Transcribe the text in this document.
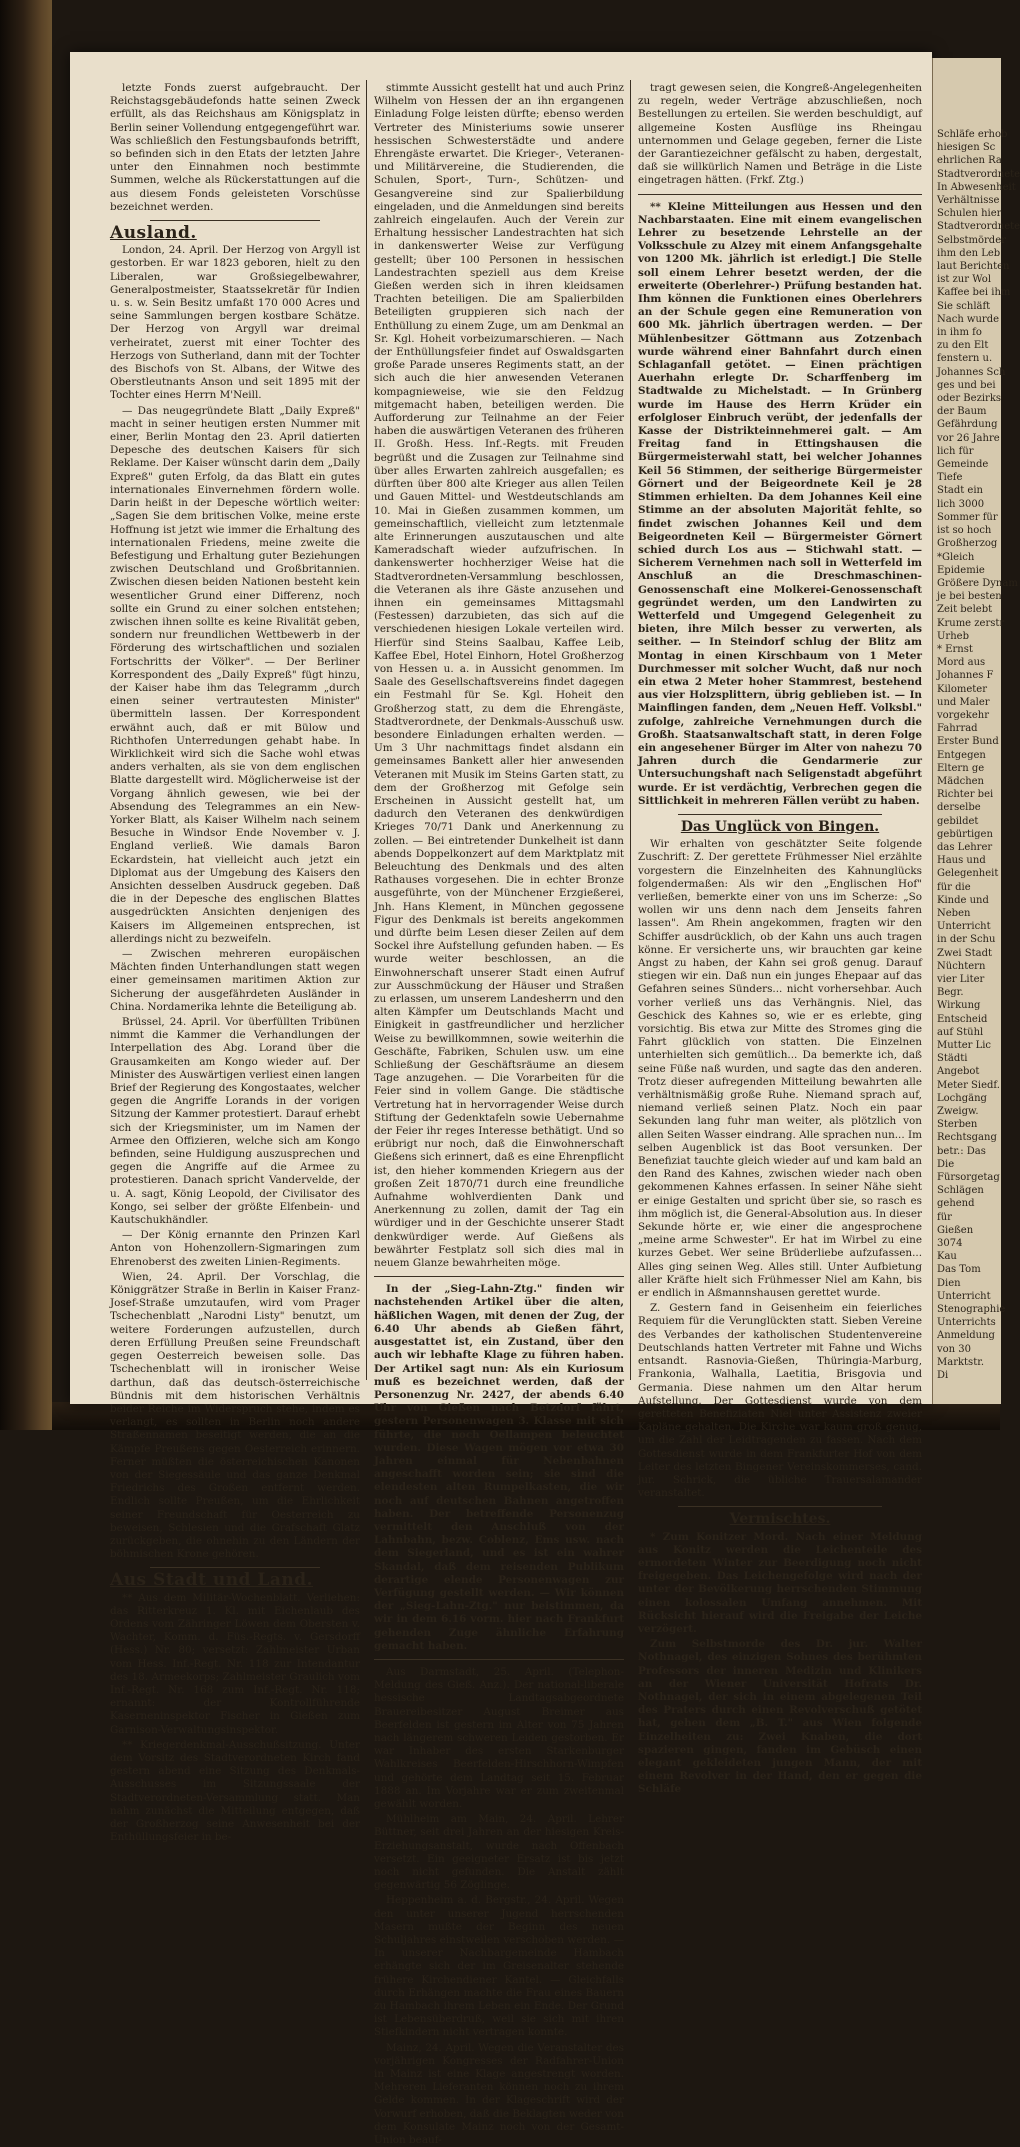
letzte Fonds zuerst aufgebraucht. Der Reichstagsgebäudefonds hatte seinen Zweck erfüllt, als das Reichshaus am Königsplatz in Berlin seiner Vollendung entgegengeführt war. Was schließlich den Festungsbaufonds betrifft, so befinden sich in den Etats der letzten Jahre unter den Einnahmen noch bestimmte Summen, welche als Rückerstattungen auf die aus diesem Fonds geleisteten Vorschüsse bezeichnet werden.

Ausland.

London, 24. April. Der Herzog von Argyll ist gestorben. Er war 1823 geboren, hielt zu den Liberalen, war Großsiegelbewahrer, Generalpostmeister, Staatssekretär für Indien u. s. w. Sein Besitz umfaßt 170 000 Acres und seine Sammlungen bergen kostbare Schätze. Der Herzog von Argyll war dreimal verheiratet, zuerst mit einer Tochter des Herzogs von Sutherland, dann mit der Tochter des Bischofs von St. Albans, der Witwe des Oberstleutnants Anson und seit 1895 mit der Tochter eines Herrn M'Neill.

— Das neugegründete Blatt „Daily Expreß" macht in seiner heutigen ersten Nummer mit einer, Berlin Montag den 23. April datierten Depesche des deutschen Kaisers für sich Reklame. Der Kaiser wünscht darin dem „Daily Expreß" guten Erfolg, da das Blatt ein gutes internationales Einvernehmen fördern wolle. Darin heißt in der Depesche wörtlich weiter: „Sagen Sie dem britischen Volke, meine erste Hoffnung ist jetzt wie immer die Erhaltung des internationalen Friedens, meine zweite die Befestigung und Erhaltung guter Beziehungen zwischen Deutschland und Großbritannien. Zwischen diesen beiden Nationen besteht kein wesentlicher Grund einer Differenz, noch sollte ein Grund zu einer solchen entstehen; zwischen ihnen sollte es keine Rivalität geben, sondern nur freundlichen Wettbewerb in der Förderung des wirtschaftlichen und sozialen Fortschritts der Völker". — Der Berliner Korrespondent des „Daily Expreß" fügt hinzu, der Kaiser habe ihm das Telegramm „durch einen seiner vertrautesten Minister" übermitteln lassen. Der Korrespondent erwähnt auch, daß er mit Bülow und Richthofen Unterredungen gehabt habe. In Wirklichkeit wird sich die Sache wohl etwas anders verhalten, als sie von dem englischen Blatte dargestellt wird. Möglicherweise ist der Vorgang ähnlich gewesen, wie bei der Absendung des Telegrammes an ein New-Yorker Blatt, als Kaiser Wilhelm nach seinem Besuche in Windsor Ende November v. J. England verließ. Wie damals Baron Eckardstein, hat vielleicht auch jetzt ein Diplomat aus der Umgebung des Kaisers den Ansichten desselben Ausdruck gegeben. Daß die in der Depesche des englischen Blattes ausgedrückten Ansichten denjenigen des Kaisers im Allgemeinen entsprechen, ist allerdings nicht zu bezweifeln.

— Zwischen mehreren europäischen Mächten finden Unterhandlungen statt wegen einer gemeinsamen maritimen Aktion zur Sicherung der ausgefährdeten Ausländer in China. Nordamerika lehnte die Beteiligung ab.

Brüssel, 24. April. Vor überfüllten Tribünen nimmt die Kammer die Verhandlungen der Interpellation des Abg. Lorand über die Grausamkeiten am Kongo wieder auf. Der Minister des Auswärtigen verliest einen langen Brief der Regierung des Kongostaates, welcher gegen die Angriffe Lorands in der vorigen Sitzung der Kammer protestiert. Darauf erhebt sich der Kriegsminister, um im Namen der Armee den Offizieren, welche sich am Kongo befinden, seine Huldigung auszusprechen und gegen die Angriffe auf die Armee zu protestieren. Danach spricht Vandervelde, der u. A. sagt, König Leopold, der Civilisator des Kongo, sei selber der größte Elfenbein- und Kautschukhändler.

— Der König ernannte den Prinzen Karl Anton von Hohenzollern-Sigmaringen zum Ehrenoberst des zweiten Linien-Regiments.

Wien, 24. April. Der Vorschlag, die Königgrätzer Straße in Berlin in Kaiser Franz-Josef-Straße umzutaufen, wird vom Prager Tschechenblatt „Narodni Listy" benutzt, um weitere Forderungen aufzustellen, durch deren Erfüllung Preußen seine Freundschaft gegen Oesterreich beweisen solle. Das Tschechenblatt will in ironischer Weise darthun, daß das deutsch-österreichische Bündnis mit dem historischen Verhältnis beider Reiche im Widerspruch stehe, indem es verlangt, es sollten in Berlin noch andere Straßennamen beseitigt werden, die an die Kämpfe Preußens gegen Oesterreich erinnern. Ferner müßten die österreichischen Kanonen von der Siegessäule und das ganze Denkmal Friedrichs des Großen entfernt werden. Endlich sollte Preußen, um die Ehrlichkeit seiner Freundschaft für Oesterreich zu beweisen, Schlesien und die Grafschaft Glatz zurückgeben, die ohnehin zu den Ländern der böhmischen Krone gehören.

Aus Stadt und Land.

** Aus dem Militär-Wochenblatt. Verliehen: das Ritterkreuz 1. Kl. mit Eichenlaub des Ordens vom Zähringer Löwen dem Obersten v. Wachter, Komm. d. Füs.-Regts. v. Gersdorff (Hess.) Nr. 80; versetzt: Zahlmeister Urban vom Hess. Inf.-Regt. Nr. 118 zur Intendantur des 18. Armeekorps; Zahlmeister Graulich vom Inf.-Regt. Nr. 168 zum Inf.-Regt. Nr. 118; ernannt: der Kontrollführende Kaserneninspektor Fischer in Gießen zum Garnison-Verwaltungsinspektor.

** Kriegerdenkmal-Ausschußsitzung. Unter dem Vorsitz des Stadtverordneten Kirch fand gestern abend eine Sitzung des Denkmals-Ausschusses im Sitzungssaale der Stadtverordneten-Versammlung statt. Man nahm zunächst die Mitteilung entgegen, daß der Großherzog seine Anwesenheit bei der Enthüllungsfeier in be-

stimmte Aussicht gestellt hat und auch Prinz Wilhelm von Hessen der an ihn ergangenen Einladung Folge leisten dürfte; ebenso werden Vertreter des Ministeriums sowie unserer hessischen Schwesterstädte und andere Ehrengäste erwartet. Die Krieger-, Veteranen- und Militärvereine, die Studierenden, die Schulen, Sport-, Turn-, Schützen- und Gesangvereine sind zur Spalierbildung eingeladen, und die Anmeldungen sind bereits zahlreich eingelaufen. Auch der Verein zur Erhaltung hessischer Landestrachten hat sich in dankenswerter Weise zur Verfügung gestellt; über 100 Personen in hessischen Landestrachten speziell aus dem Kreise Gießen werden sich in ihren kleidsamen Trachten beteiligen. Die am Spalierbilden Beteiligten gruppieren sich nach der Enthüllung zu einem Zuge, um am Denkmal an Sr. Kgl. Hoheit vorbeizumarschieren. — Nach der Enthüllungsfeier findet auf Oswaldsgarten große Parade unseres Regiments statt, an der sich auch die hier anwesenden Veteranen kompagnieweise, wie sie den Feldzug mitgemacht haben, beteiligen werden. Die Aufforderung zur Teilnahme an der Feier haben die auswärtigen Veteranen des früheren II. Großh. Hess. Inf.-Regts. mit Freuden begrüßt und die Zusagen zur Teilnahme sind über alles Erwarten zahlreich ausgefallen; es dürften über 800 alte Krieger aus allen Teilen und Gauen Mittel- und Westdeutschlands am 10. Mai in Gießen zusammen kommen, um gemeinschaftlich, vielleicht zum letztenmale alte Erinnerungen auszutauschen und alte Kameradschaft wieder aufzufrischen. In dankenswerter hochherziger Weise hat die Stadtverordneten-Versammlung beschlossen, die Veteranen als ihre Gäste anzusehen und ihnen ein gemeinsames Mittagsmahl (Festessen) darzubieten, das sich auf die verschiedenen hiesigen Lokale verteilen wird. Hierfür sind Steins Saalbau, Kaffee Leib, Kaffee Ebel, Hotel Einhorn, Hotel Großherzog von Hessen u. a. in Aussicht genommen. Im Saale des Gesellschaftsvereins findet dagegen ein Festmahl für Se. Kgl. Hoheit den Großherzog statt, zu dem die Ehrengäste, Stadtverordnete, der Denkmals-Ausschuß usw. besondere Einladungen erhalten werden. — Um 3 Uhr nachmittags findet alsdann ein gemeinsames Bankett aller hier anwesenden Veteranen mit Musik im Steins Garten statt, zu dem der Großherzog mit Gefolge sein Erscheinen in Aussicht gestellt hat, um dadurch den Veteranen des denkwürdigen Krieges 70/71 Dank und Anerkennung zu zollen. — Bei eintretender Dunkelheit ist dann abends Doppelkonzert auf dem Marktplatz mit Beleuchtung des Denkmals und des alten Rathauses vorgesehen. Die in echter Bronze ausgeführte, von der Münchener Erzgießerei, Jnh. Hans Klement, in München gegossene Figur des Denkmals ist bereits angekommen und dürfte beim Lesen dieser Zeilen auf dem Sockel ihre Aufstellung gefunden haben. — Es wurde weiter beschlossen, an die Einwohnerschaft unserer Stadt einen Aufruf zur Ausschmückung der Häuser und Straßen zu erlassen, um unserem Landesherrn und den alten Kämpfer um Deutschlands Macht und Einigkeit in gastfreundlicher und herzlicher Weise zu bewillkommnen, sowie weiterhin die Geschäfte, Fabriken, Schulen usw. um eine Schließung der Geschäftsräume an diesem Tage anzugehen. — Die Vorarbeiten für die Feier sind in vollem Gange. Die städtische Vertretung hat in hervorragender Weise durch Stiftung der Gedenktafeln sowie Uebernahme der Feier ihr reges Interesse bethätigt. Und so erübrigt nur noch, daß die Einwohnerschaft Gießens sich erinnert, daß es eine Ehrenpflicht ist, den hieher kommenden Kriegern aus der großen Zeit 1870/71 durch eine freundliche Aufnahme wohlverdienten Dank und Anerkennung zu zollen, damit der Tag ein würdiger und in der Geschichte unserer Stadt denkwürdiger werde. Auf Gießens als bewährter Festplatz soll sich dies mal in neuem Glanze bewahrheiten möge.

In der „Sieg-Lahn-Ztg." finden wir nachstehenden Artikel über die alten, häßlichen Wagen, mit denen der Zug, der 6.40 Uhr abends ab Gießen fährt, ausgestattet ist, ein Zustand, über den auch wir lebhafte Klage zu führen haben. Der Artikel sagt nun: Als ein Kuriosum muß es bezeichnet werden, daß der Personenzug Nr. 2427, der abends 6.40 Uhr von Gießen nach Betzdorf fährt, gestern Personenwagen 3. Klasse mit sich führte, die noch Oellampen beleuchtet wurden. Diese Wagen mögen vor etwa 30 Jahren einmal für Nebenbahnen angeschafft worden sein; sie sind die elendesten alten Rumpelkasten, die wir noch auf deutschen Bahnen angetroffen haben. Der betreffende Personenzug vermittelt den Anschluß von der Lahnbahn, bezw. Coblenz, Ems usw. nach dem Siegerland, und es ist ein wahrer Skandal, daß dem reisenden Publikum derartige elende Personenwagen zur Verfügung gestellt werden. — Wir können der „Sieg-Lahn-Ztg." nur beistimmen, da wir in dem 6.16 vorm. hier nach Frankfurt gehenden Zuge ähnliche Erfahrung gemacht haben.

Aus Darmstadt, 25. April. (Telephon-Meldung des Gieß. Anz.). Der national-liberale hessische Landtagsabgeordnete Brauereibesitzer August Breimer aus Beerfelden ist gestern im Alter von 75 Jahren nach längerem schweren Leiden gestorben. Er war Inhaber des ersten Starkenburger Wahlkreises Beerfelden-Hirschhorn-Wimpfen und gehörte dem Landtag seit 15. Februar 1888 an. Im Vorjahre war er zum zweitenmal gewählt worden.

Mühlheim am Main, 24. April. Lehrer Büttner, seit drei Jahren an der hiesigen Kreis-Erziehungsanstalt, wurde nach Offenbach versetzt. Ein geeigneter Ersatz ist bis jetzt noch nicht gefunden. Die Anstalt zählt gegenwärtig 56 Zöglinge.

Heppenheim a. d. Bergstr., 24. April. Wegen den unter unserer Jugend herrschenden Masern mußte der Beginn des neuen Schuljahres einstweilen verschoben werden. — In unserer Nachbargemeinde Hambach erhängte sich der im Greisenalter stehende frühere Kirchendiener Kantel. — Gleichfalls durch Erhängen machte die Frau eines Bauern zu Hambach ihrem Leben ein Ende. Der Grund ist Lebensüberdruß, weil sie sich mit ihren Stiefkindern nicht vertragen konnte.

Mainz, 24. April. Wegen die Veranstalter des vorjährigen Kongresses der Radfahrer-Union in Mainz ist eine Klage angestrengt worden. Mehreren Lieferanten können noch zu ihrem Gelde kommen. In der Klageschrift wird der Vorwurf erhoben, daß die Beklagten weder von dem Konsulate Mainz noch von der Gesamt-Union beauf-

tragt gewesen seien, die Kongreß-Angelegenheiten zu regeln, weder Verträge abzuschließen, noch Bestellungen zu erteilen. Sie werden beschuldigt, auf allgemeine Kosten Ausflüge ins Rheingau unternommen und Gelage gegeben, ferner die Liste der Garantiezeichner gefälscht zu haben, dergestalt, daß sie willkürlich Namen und Beträge in die Liste eingetragen hätten. (Frkf. Ztg.)

** Kleine Mitteilungen aus Hessen und den Nachbarstaaten. Eine mit einem evangelischen Lehrer zu besetzende Lehrstelle an der Volksschule zu Alzey mit einem Anfangsgehalte von 1200 Mk. jährlich ist erledigt.] Die Stelle soll einem Lehrer besetzt werden, der die erweiterte (Oberlehrer-) Prüfung bestanden hat. Ihm können die Funktionen eines Oberlehrers an der Schule gegen eine Remuneration von 600 Mk. jährlich übertragen werden. — Der Mühlenbesitzer Göttmann aus Zotzenbach wurde während einer Bahnfahrt durch einen Schlaganfall getötet. — Einen prächtigen Auerhahn erlegte Dr. Scharffenberg im Stadtwalde zu Michelstadt. — In Grünberg wurde im Hause des Herrn Krüder ein erfolgloser Einbruch verübt, der jedenfalls der Kasse der Distrikteinnehmerei galt. — Am Freitag fand in Ettingshausen die Bürgermeisterwahl statt, bei welcher Johannes Keil 56 Stimmen, der seitherige Bürgermeister Görnert und der Beigeordnete Keil je 28 Stimmen erhielten. Da dem Johannes Keil eine Stimme an der absoluten Majorität fehlte, so findet zwischen Johannes Keil und dem Beigeordneten Keil — Bürgermeister Görnert schied durch Los aus — Stichwahl statt. — Sicherem Vernehmen nach soll in Wetterfeld im Anschluß an die Dreschmaschinen-Genossenschaft eine Molkerei-Genossenschaft gegründet werden, um den Landwirten zu Wetterfeld und Umgegend Gelegenheit zu bieten, ihre Milch besser zu verwerten, als seither. — In Steindorf schlug der Blitz am Montag in einen Kirschbaum von 1 Meter Durchmesser mit solcher Wucht, daß nur noch ein etwa 2 Meter hoher Stammrest, bestehend aus vier Holzsplittern, übrig geblieben ist. — In Mainflingen fanden, dem „Neuen Heff. Volksbl." zufolge, zahlreiche Vernehmungen durch die Großh. Staatsanwaltschaft statt, in deren Folge ein angesehener Bürger im Alter von nahezu 70 Jahren durch die Gendarmerie zur Untersuchungshaft nach Seligenstadt abgeführt wurde. Er ist verdächtig, Verbrechen gegen die Sittlichkeit in mehreren Fällen verübt zu haben.

Das Unglück von Bingen.

Wir erhalten von geschätzter Seite folgende Zuschrift: Z. Der gerettete Frühmesser Niel erzählte vorgestern die Einzelnheiten des Kahnunglücks folgendermaßen: Als wir den „Englischen Hof" verließen, bemerkte einer von uns im Scherze: „So wollen wir uns denn nach dem Jenseits fahren lassen". Am Rhein angekommen, fragten wir den Schiffer ausdrücklich, ob der Kahn uns auch tragen könne. Er versicherte uns, wir brauchten gar keine Angst zu haben, der Kahn sei groß genug. Darauf stiegen wir ein. Daß nun ein junges Ehepaar auf das Gefahren seines Sünders... nicht vorhersehbar. Auch vorher verließ uns das Verhängnis. Niel, das Geschick des Kahnes so, wie er es erlebte, ging vorsichtig. Bis etwa zur Mitte des Stromes ging die Fahrt glücklich von statten. Die Einzelnen unterhielten sich gemütlich... Da bemerkte ich, daß seine Füße naß wurden, und sagte das den anderen. Trotz dieser aufregenden Mitteilung bewahrten alle verhältnismäßig große Ruhe. Niemand sprach auf, niemand verließ seinen Platz. Noch ein paar Sekunden lang fuhr man weiter, als plötzlich von allen Seiten Wasser eindrang. Alle sprachen nun... Im selben Augenblick ist das Boot versunken. Der Benefiziat tauchte gleich wieder auf und kam bald an den Rand des Kahnes, zwischen wieder nach oben gekommenen Kahnes erfassen. In seiner Nähe sieht er einige Gestalten und spricht über sie, so rasch es ihm möglich ist, die General-Absolution aus. In dieser Sekunde hörte er, wie einer die angesprochene „meine arme Schwester". Er hat im Wirbel zu eine kurzes Gebet. Wer seine Brüderliebe aufzufassen... Alles ging seinen Weg. Alles still. Unter Aufbietung aller Kräfte hielt sich Frühmesser Niel am Kahn, bis er endlich in Aßmannshausen gerettet wurde.

Z. Gestern fand in Geisenheim ein feierliches Requiem für die Verunglückten statt. Sieben Vereine des Verbandes der katholischen Studentenvereine Deutschlands hatten Vertreter mit Fahne und Wichs entsandt. Rasnovia-Gießen, Thüringia-Marburg, Frankonia, Walhalla, Laetitia, Brisgovia und Germania. Diese nahmen um den Altar herum Aufstellung. Der Gottesdienst wurde von dem geretteten Benefiziaten Niel unter Assistenz zweier Kapläne gehalten. Die Kirche war kaum groß genug, um die Zahl der Leidtragenden zu fassen. Nach dem Gottesdienst wurde in dem Frankfurter Hof von dem Leiter des letzten Bingener Vereinskommerses, cand. jur. Schrick, die übliche Trauersalamander veranstaltet.

Vermischtes.

* Zum Konitzer Mord. Nach einer Meldung aus Konitz werden die Leichenteile des ermordeten Winter zur Beerdigung noch nicht freigegeben. Das Leichengefolge wird nach der unter der Bevölkerung herrschenden Stimmung einen kolossalen Umfang annehmen. Mit Rücksicht hierauf wird die Freigabe der Leiche verzögert.

Zum Selbstmorde des Dr. jur. Walter Nothnagel, des einzigen Sohnes des berühmten Professors der inneren Medizin und Klinikers an der Wiener Universität Hofrats Dr. Nothnagel, der sich in einem abgelegenen Teil des Praters durch einen Revolverschuß getötet hat, gehen dem „B. T." aus Wien folgende Einzelheiten zu: Zwei Knaben, die dort spazieren gingen, fanden im Gebüsch einen elegant gekleideten jungen Mann, der mit einem Revolver in der Hand, den er gegen die Schläfe

Schläfe erhob
hiesigen Sc
ehrlichen Ra
Stadtverordnete
In Abwesenheit
Verhältnisse
Schulen hier
Stadtverordnete
Selbstmörder
ihm den Leb
laut Berichten
ist zur Wol
Kaffee bei ihm
Sie schläft
Nach wurde
in ihm fo
zu den Elt
fenstern u.
Johannes Sch
ges und bei
oder Bezirks
der Baum
Gefährdung
vor 26 Jahre
lich für
Gemeinde
Tiefe
Stadt ein
lich 3000
Sommer für
ist so hoch
Großherzog
*Gleich
Epidemie
Größere Dynam
je bei besten
Zeit belebt
Krume zerstr
Urheb
* Ernst
Mord aus
Johannes F
Kilometer
und Maler
vorgekehr
Fahrrad
Erster Bund
Entgegen
Eltern ge
Mädchen
Richter bei
derselbe
gebildet
gebürtigen
das Lehrer
Haus und
Gelegenheit
für die
Kinde und
Neben
Unterricht
in der Schu
Zwei Stadt
Nüchtern
vier Liter
Begr.
Wirkung
Entscheid
auf Stühl
Mutter Lic
Städti
Angebot
Meter Siedf.
Lochgäng
Zweigw.
Sterben
Rechtsgang
betr.: Das
Die
Fürsorgetag
Schlägen
gehend
für
Gießen
3074
Kau
Das Tom
Dien
Unterricht
Stenographie
Unterrichts
Anmeldung
von 30
Marktstr.
Di
